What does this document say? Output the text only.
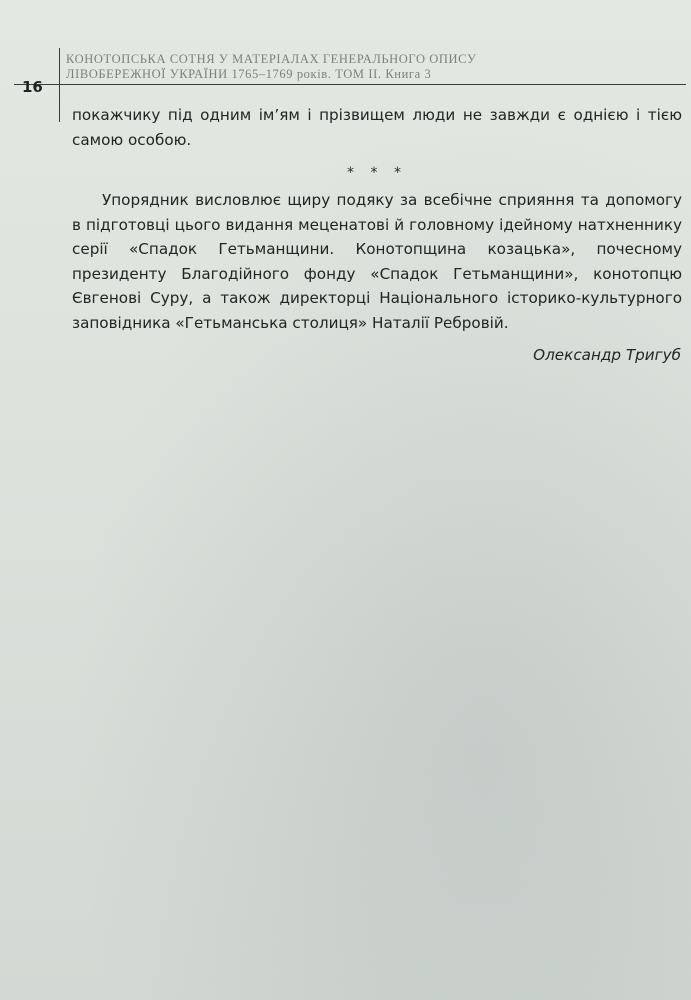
КОНОТОПСЬКА СОТНЯ У МАТЕРІАЛАХ ГЕНЕРАЛЬНОГО ОПИСУ
ЛІВОБЕРЕЖНОЇ УКРАЇНИ 1765–1769 років. ТОМ ІІ. Книга 3
16
покажчику під одним ім’ям і прізвищем люди не завжди є однією і тією самою особою.
* * *
Упорядник висловлює щиру подяку за всебічне сприяння та допомогу в підготовці цього видання меценатові й головному ідейному натхненнику серії «Спадок Гетьманщини. Конотопщина козацька», почесному президенту Благодійного фонду «Спадок Гетьманщини», конотопцю Євгенові Суру, а також директорці Національного історико-культурного заповідника «Гетьманська столиця» Наталії Ребровій.
Олександр Тригуб
